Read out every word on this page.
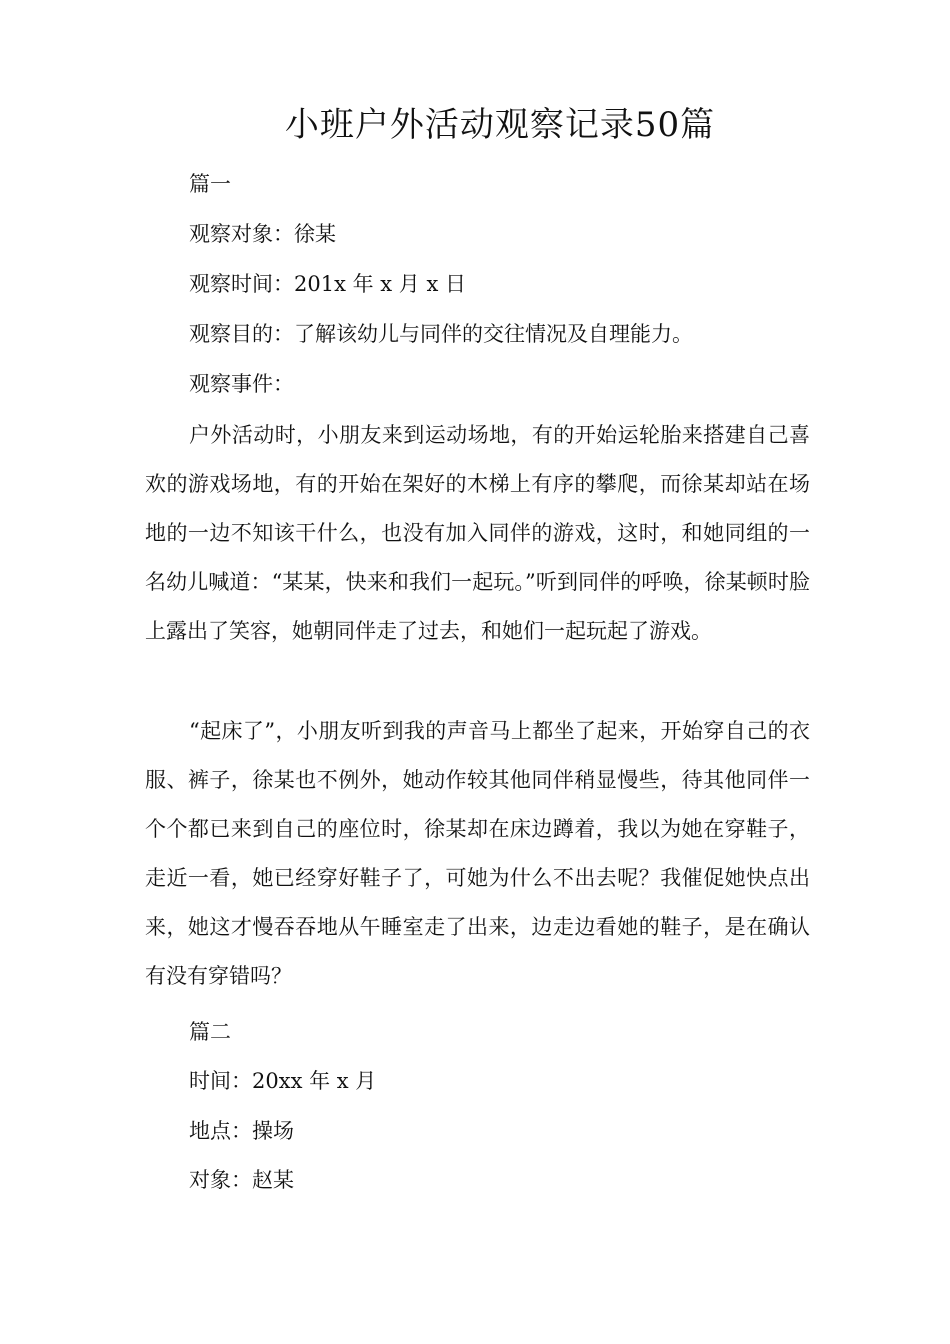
小班户外活动观察记录50篇
篇一
观察对象：徐某
观察时间：201x 年 x 月 x 日
观察目的：了解该幼儿与同伴的交往情况及自理能力。
观察事件：

户外活动时，小朋友来到运动场地，有的开始运轮胎来搭建自己喜欢的游戏场地，有的开始在架好的木梯上有序的攀爬，而徐某却站在场地的一边不知该干什么，也没有加入同伴的游戏，这时，和她同组的一名幼儿喊道：“某某，快来和我们一起玩。”听到同伴的呼唤，徐某顿时脸上露出了笑容，她朝同伴走了过去，和她们一起玩起了游戏。

“起床了”，小朋友听到我的声音马上都坐了起来，开始穿自己的衣服、裤子，徐某也不例外，她动作较其他同伴稍显慢些，待其他同伴一个个都已来到自己的座位时，徐某却在床边蹲着，我以为她在穿鞋子，走近一看，她已经穿好鞋子了，可她为什么不出去呢？我催促她快点出来，她这才慢吞吞地从午睡室走了出来，边走边看她的鞋子，是在确认有没有穿错吗？

篇二
时间：20xx 年 x 月
地点：操场
对象：赵某
